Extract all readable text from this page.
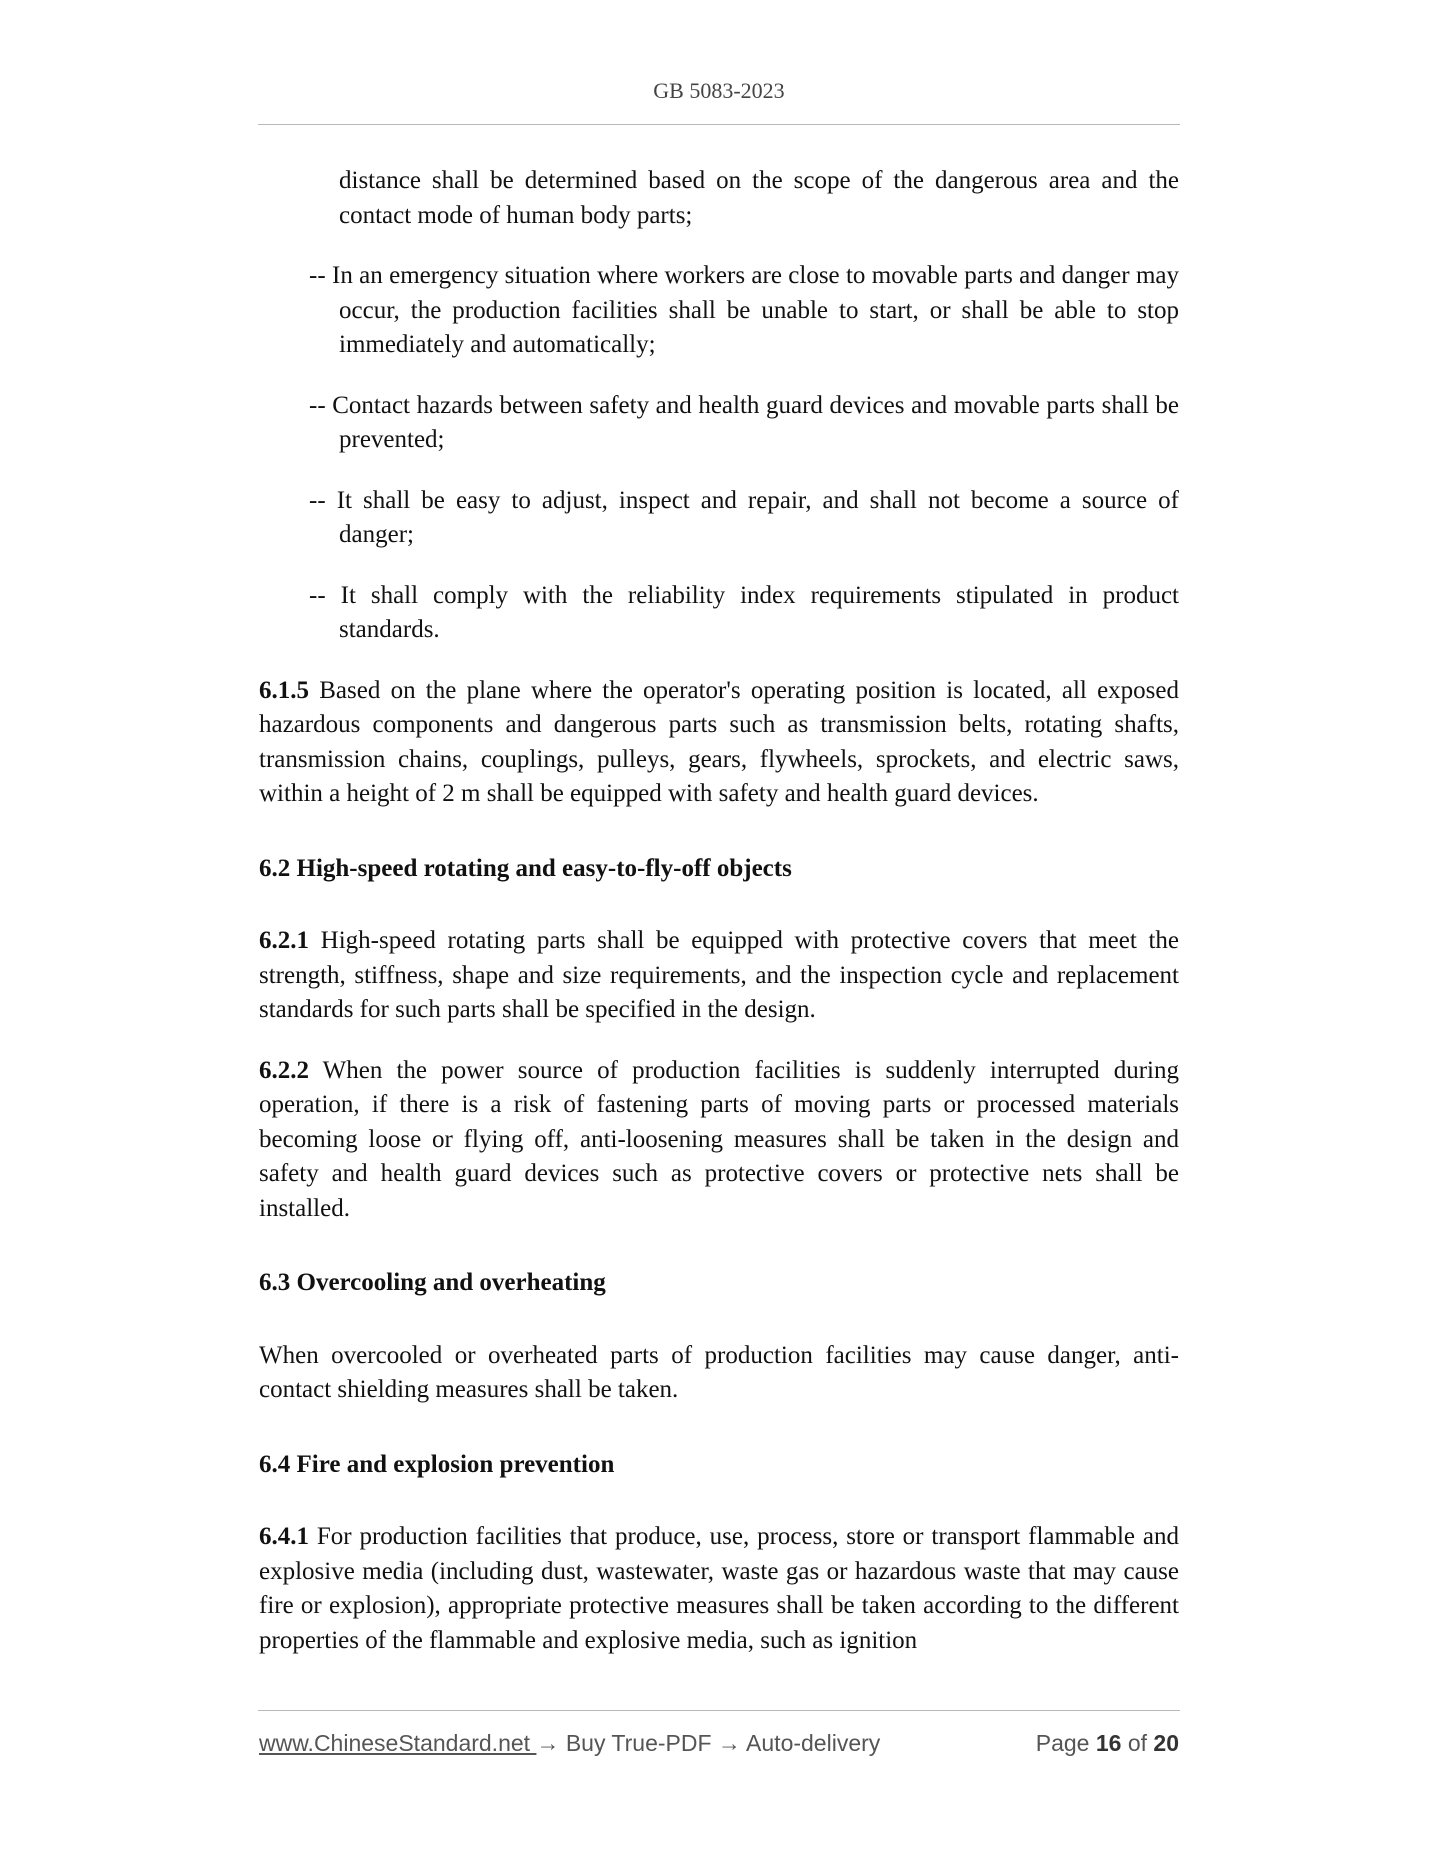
GB 5083-2023

distance shall be determined based on the scope of the dangerous area and the contact mode of human body parts;

-- In an emergency situation where workers are close to movable parts and danger may occur, the production facilities shall be unable to start, or shall be able to stop immediately and automatically;

-- Contact hazards between safety and health guard devices and movable parts shall be prevented;

-- It shall be easy to adjust, inspect and repair, and shall not become a source of danger;

-- It shall comply with the reliability index requirements stipulated in product standards.

6.1.5 Based on the plane where the operator's operating position is located, all exposed hazardous components and dangerous parts such as transmission belts, rotating shafts, transmission chains, couplings, pulleys, gears, flywheels, sprockets, and electric saws, within a height of 2 m shall be equipped with safety and health guard devices.

6.2 High-speed rotating and easy-to-fly-off objects

6.2.1 High-speed rotating parts shall be equipped with protective covers that meet the strength, stiffness, shape and size requirements, and the inspection cycle and replacement standards for such parts shall be specified in the design.

6.2.2 When the power source of production facilities is suddenly interrupted during operation, if there is a risk of fastening parts of moving parts or processed materials becoming loose or flying off, anti-loosening measures shall be taken in the design and safety and health guard devices such as protective covers or protective nets shall be installed.

6.3 Overcooling and overheating

When overcooled or overheated parts of production facilities may cause danger, anti-contact shielding measures shall be taken.

6.4 Fire and explosion prevention

6.4.1 For production facilities that produce, use, process, store or transport flammable and explosive media (including dust, wastewater, waste gas or hazardous waste that may cause fire or explosion), appropriate protective measures shall be taken according to the different properties of the flammable and explosive media, such as ignition

www.ChineseStandard.net → Buy True-PDF → Auto-delivery	Page 16 of 20
